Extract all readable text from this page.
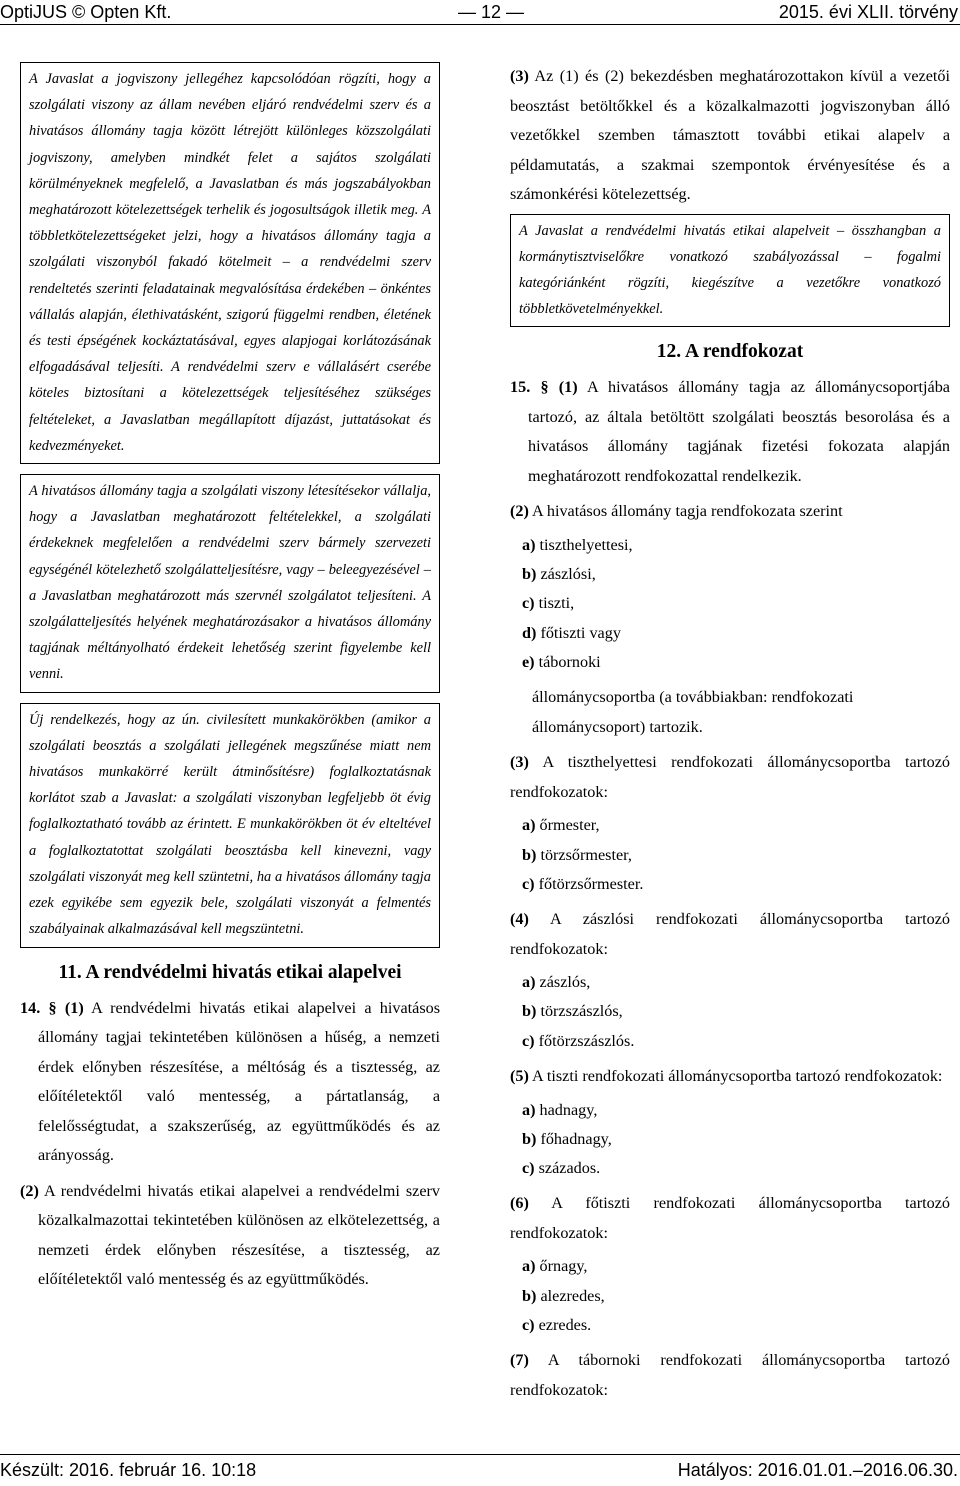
OptiJUS © Opten Kft.	— 12 —	2015. évi XLII. törvény
A Javaslat a jogviszony jellegéhez kapcsolódóan rögzíti, hogy a szolgálati viszony az állam nevében eljáró rendvédelmi szerv és a hivatásos állomány tagja között létrejött különleges közszolgálati jogviszony, amelyben mindkét felet a sajátos szolgálati körülményeknek megfelelő, a Javaslatban és más jogszabályokban meghatározott kötelezettségek terhelik és jogosultságok illetik meg. A többletkötelezettségeket jelzi, hogy a hivatásos állomány tagja a szolgálati viszonyból fakadó kötelmeit – a rendvédelmi szerv rendeltetés szerinti feladatainak megvalósítása érdekében – önkéntes vállalás alapján, élethivatásként, szigorú függelmi rendben, életének és testi épségének kockáztatásával, egyes alapjogai korlátozásának elfogadásával teljesíti. A rendvédelmi szerv e vállalásért cserébe köteles biztosítani a kötelezettségek teljesítéséhez szükséges feltételeket, a Javaslatban megállapított díjazást, juttatásokat és kedvezményeket.
A hivatásos állomány tagja a szolgálati viszony létesítésekor vállalja, hogy a Javaslatban meghatározott feltételekkel, a szolgálati érdekeknek megfelelően a rendvédelmi szerv bármely szervezeti egységénél kötelezhető szolgálatteljesítésre, vagy – beleegyezésével – a Javaslatban meghatározott más szervnél szolgálatot teljesíteni. A szolgálatteljesítés helyének meghatározásakor a hivatásos állomány tagjának méltányolható érdekeit lehetőség szerint figyelembe kell venni.
Új rendelkezés, hogy az ún. civilesített munkakörökben (amikor a szolgálati beosztás a szolgálati jellegének megszűnése miatt nem hivatásos munkakörré került átminősítésre) foglalkoztatásnak korlátot szab a Javaslat: a szolgálati viszonyban legfeljebb öt évig foglalkoztatható tovább az érintett. E munkakörökben öt év elteltével a foglalkoztatottat szolgálati beosztásba kell kinevezni, vagy szolgálati viszonyát meg kell szüntetni, ha a hivatásos állomány tagja ezek egyikébe sem egyezik bele, szolgálati viszonyát a felmentés szabályainak alkalmazásával kell megszüntetni.
11. A rendvédelmi hivatás etikai alapelvei

14. § (1) A rendvédelmi hivatás etikai alapelvei a hivatásos állomány tagjai tekintetében különösen a hűség, a nemzeti érdek előnyben részesítése, a méltóság és a tisztesség, az előítéletektől való mentesség, a pártatlanság, a felelősségtudat, a szakszerűség, az együttműködés és az arányosság.

(2) A rendvédelmi hivatás etikai alapelvei a rendvédelmi szerv közalkalmazottai tekintetében különösen az elkötelezettség, a nemzeti érdek előnyben részesítése, a tisztesség, az előítéletektől való mentesség és az együttműködés.

(3) Az (1) és (2) bekezdésben meghatározottakon kívül a vezetői beosztást betöltőkkel és a közalkalmazotti jogviszonyban álló vezetőkkel szemben támasztott további etikai alapelv a példamutatás, a szakmai szempontok érvényesítése és a számonkérési kötelezettség.

A Javaslat a rendvédelmi hivatás etikai alapelveit – összhangban a kormánytisztviselőkre vonatkozó szabályozással – fogalmi kategóriánként rögzíti, kiegészítve a vezetőkre vonatkozó többletkövetelményekkel.
12. A rendfokozat

15. § (1) A hivatásos állomány tagja az állománycsoportjába tartozó, az általa betöltött szolgálati beosztás besorolása és a hivatásos állomány tagjának fizetési fokozata alapján meghatározott rendfokozattal rendelkezik.

(2) A hivatásos állomány tagja rendfokozata szerint

a) tiszthelyettesi,
b) zászlósi,
c) tiszti,
d) főtiszti vagy
e) tábornoki

állománycsoportba (a továbbiakban: rendfokozati állománycsoport) tartozik.

(3) A tiszthelyettesi rendfokozati állománycsoportba tartozó rendfokozatok:

a) őrmester,
b) törzsőrmester,
c) főtörzsőrmester.

(4) A zászlósi rendfokozati állománycsoportba tartozó rendfokozatok:

a) zászlós,
b) törzszászlós,
c) főtörzszászlós.

(5) A tiszti rendfokozati állománycsoportba tartozó rendfokozatok:

a) hadnagy,
b) főhadnagy,
c) százados.

(6) A főtiszti rendfokozati állománycsoportba tartozó rendfokozatok:

a) őrnagy,
b) alezredes,
c) ezredes.

(7) A tábornoki rendfokozati állománycsoportba tartozó rendfokozatok:

Készült: 2016. február 16. 10:18	Hatályos: 2016.01.01.–2016.06.30.
